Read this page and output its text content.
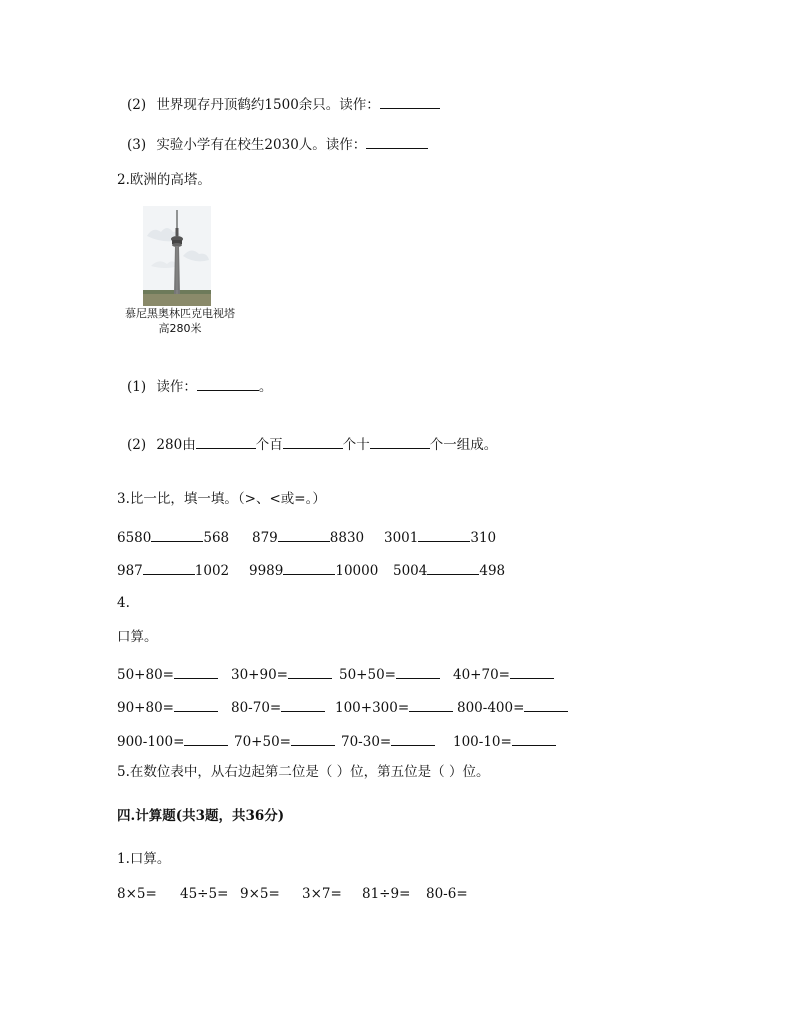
(2) 世界现存丹顶鹤约1500余只。读作：
(3) 实验小学有在校生2030人。读作：
2.欧洲的高塔。
慕尼黑奥林匹克电视塔
高280米
(1) 读作：	。
(2) 280由	个百	个十	个一组成。
3.比一比，填一填。（>、<或=。）
6580	568 879	8830 3001	310
987	1002 9989	10000 5004	498
4.
口算。
50+80=	30+90=	50+50=	40+70=
90+80=	80-70=	100+300=	800-400=
900-100=	70+50=	70-30=	100-10=
5.在数位表中，从右边起第二位是（ ）位，第五位是（ ）位。
四.计算题(共3题，共36分)
1.口算。
8×5= 45÷5= 9×5= 3×7= 81÷9= 80-6=
